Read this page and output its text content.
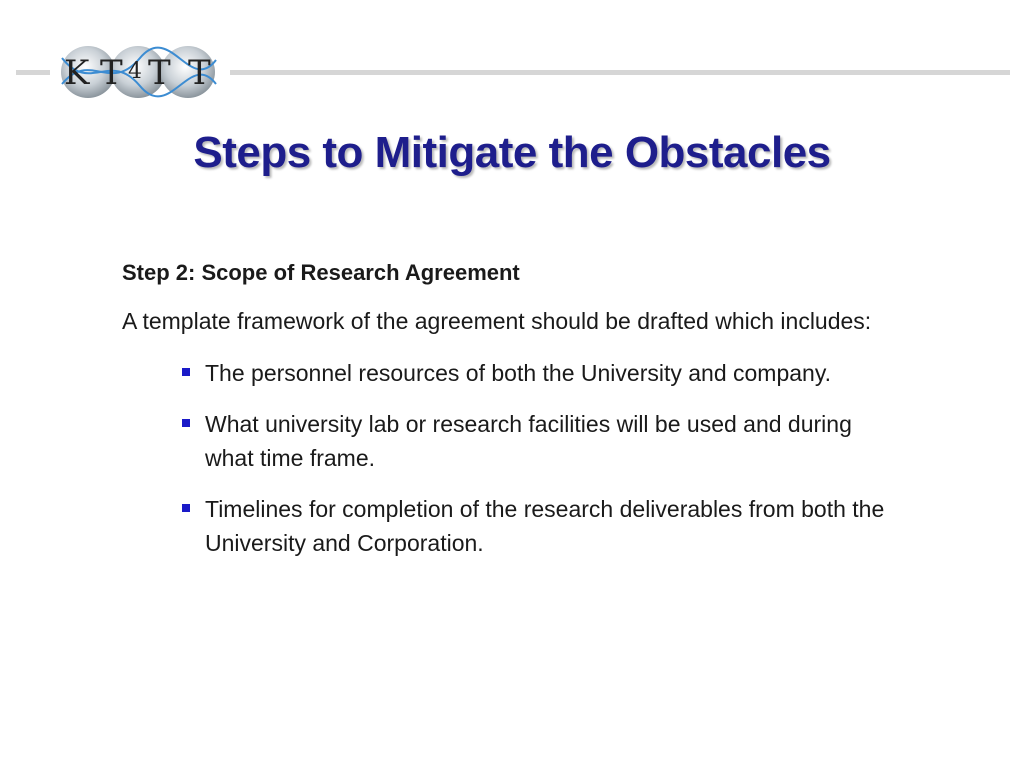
K T 4 T T
Steps to Mitigate the Obstacles

Step 2: Scope of Research Agreement

A template framework of the agreement should be drafted which includes:

The personnel resources of both the University and company.
What university lab or research facilities will be used and during what time frame.
Timelines for completion of the research deliverables from both the University and Corporation.
